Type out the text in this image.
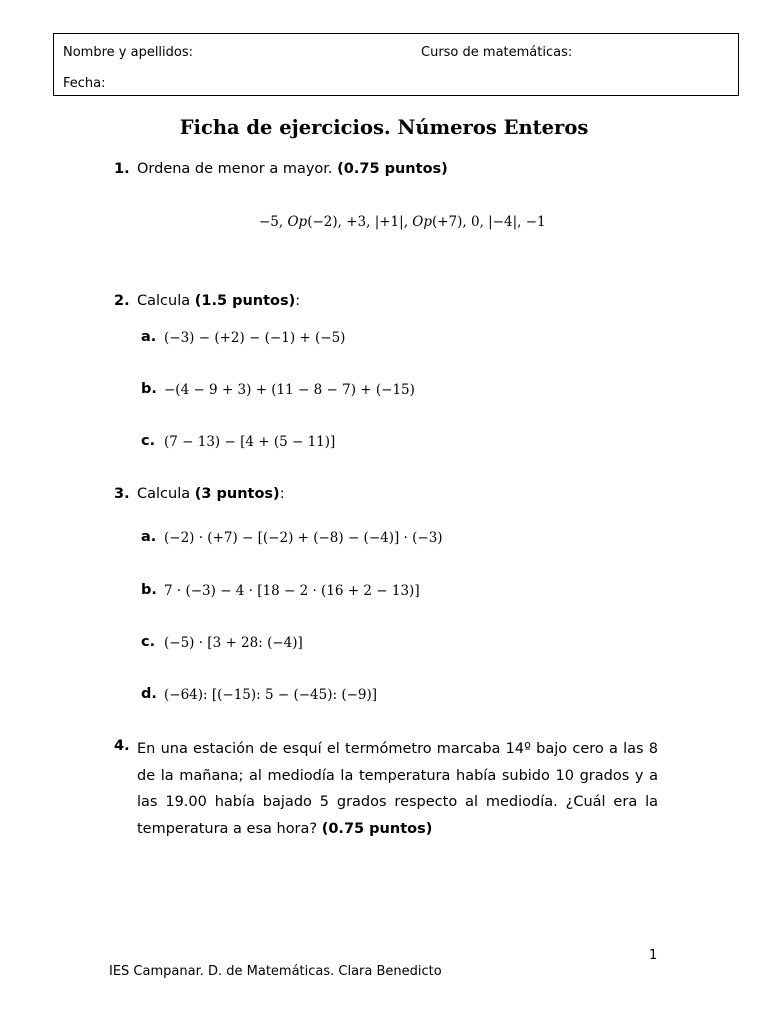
Nombre y apellidos:	Curso de matemáticas:
Fecha:
Ficha de ejercicios. Números Enteros
1. Ordena de menor a mayor. (0.75 puntos)
−5, 𝑂𝑝(−2), +3, |+1|, 𝑂𝑝(+7), 0, |−4|, −1
2. Calcula (1.5 puntos):
a. (−3) − (+2) − (−1) + (−5)
b. −(4 − 9 + 3) + (11 − 8 − 7) + (−15)
c. (7 − 13) − [4 + (5 − 11)]
3. Calcula (3 puntos):
a. (−2) · (+7) − [(−2) + (−8) − (−4)] · (−3)
b. 7 · (−3) − 4 · [18 − 2 · (16 + 2 − 13)]
c. (−5) · [3 + 28: (−4)]
d. (−64): [(−15): 5 − (−45): (−9)]
4. En una estación de esquí el termómetro marcaba 14º bajo cero a las 8 de la mañana; al mediodía la temperatura había subido 10 grados y a las 19.00 había bajado 5 grados respecto al mediodía. ¿Cuál era la temperatura a esa hora? (0.75 puntos)
1
IES Campanar. D. de Matemáticas. Clara Benedicto
